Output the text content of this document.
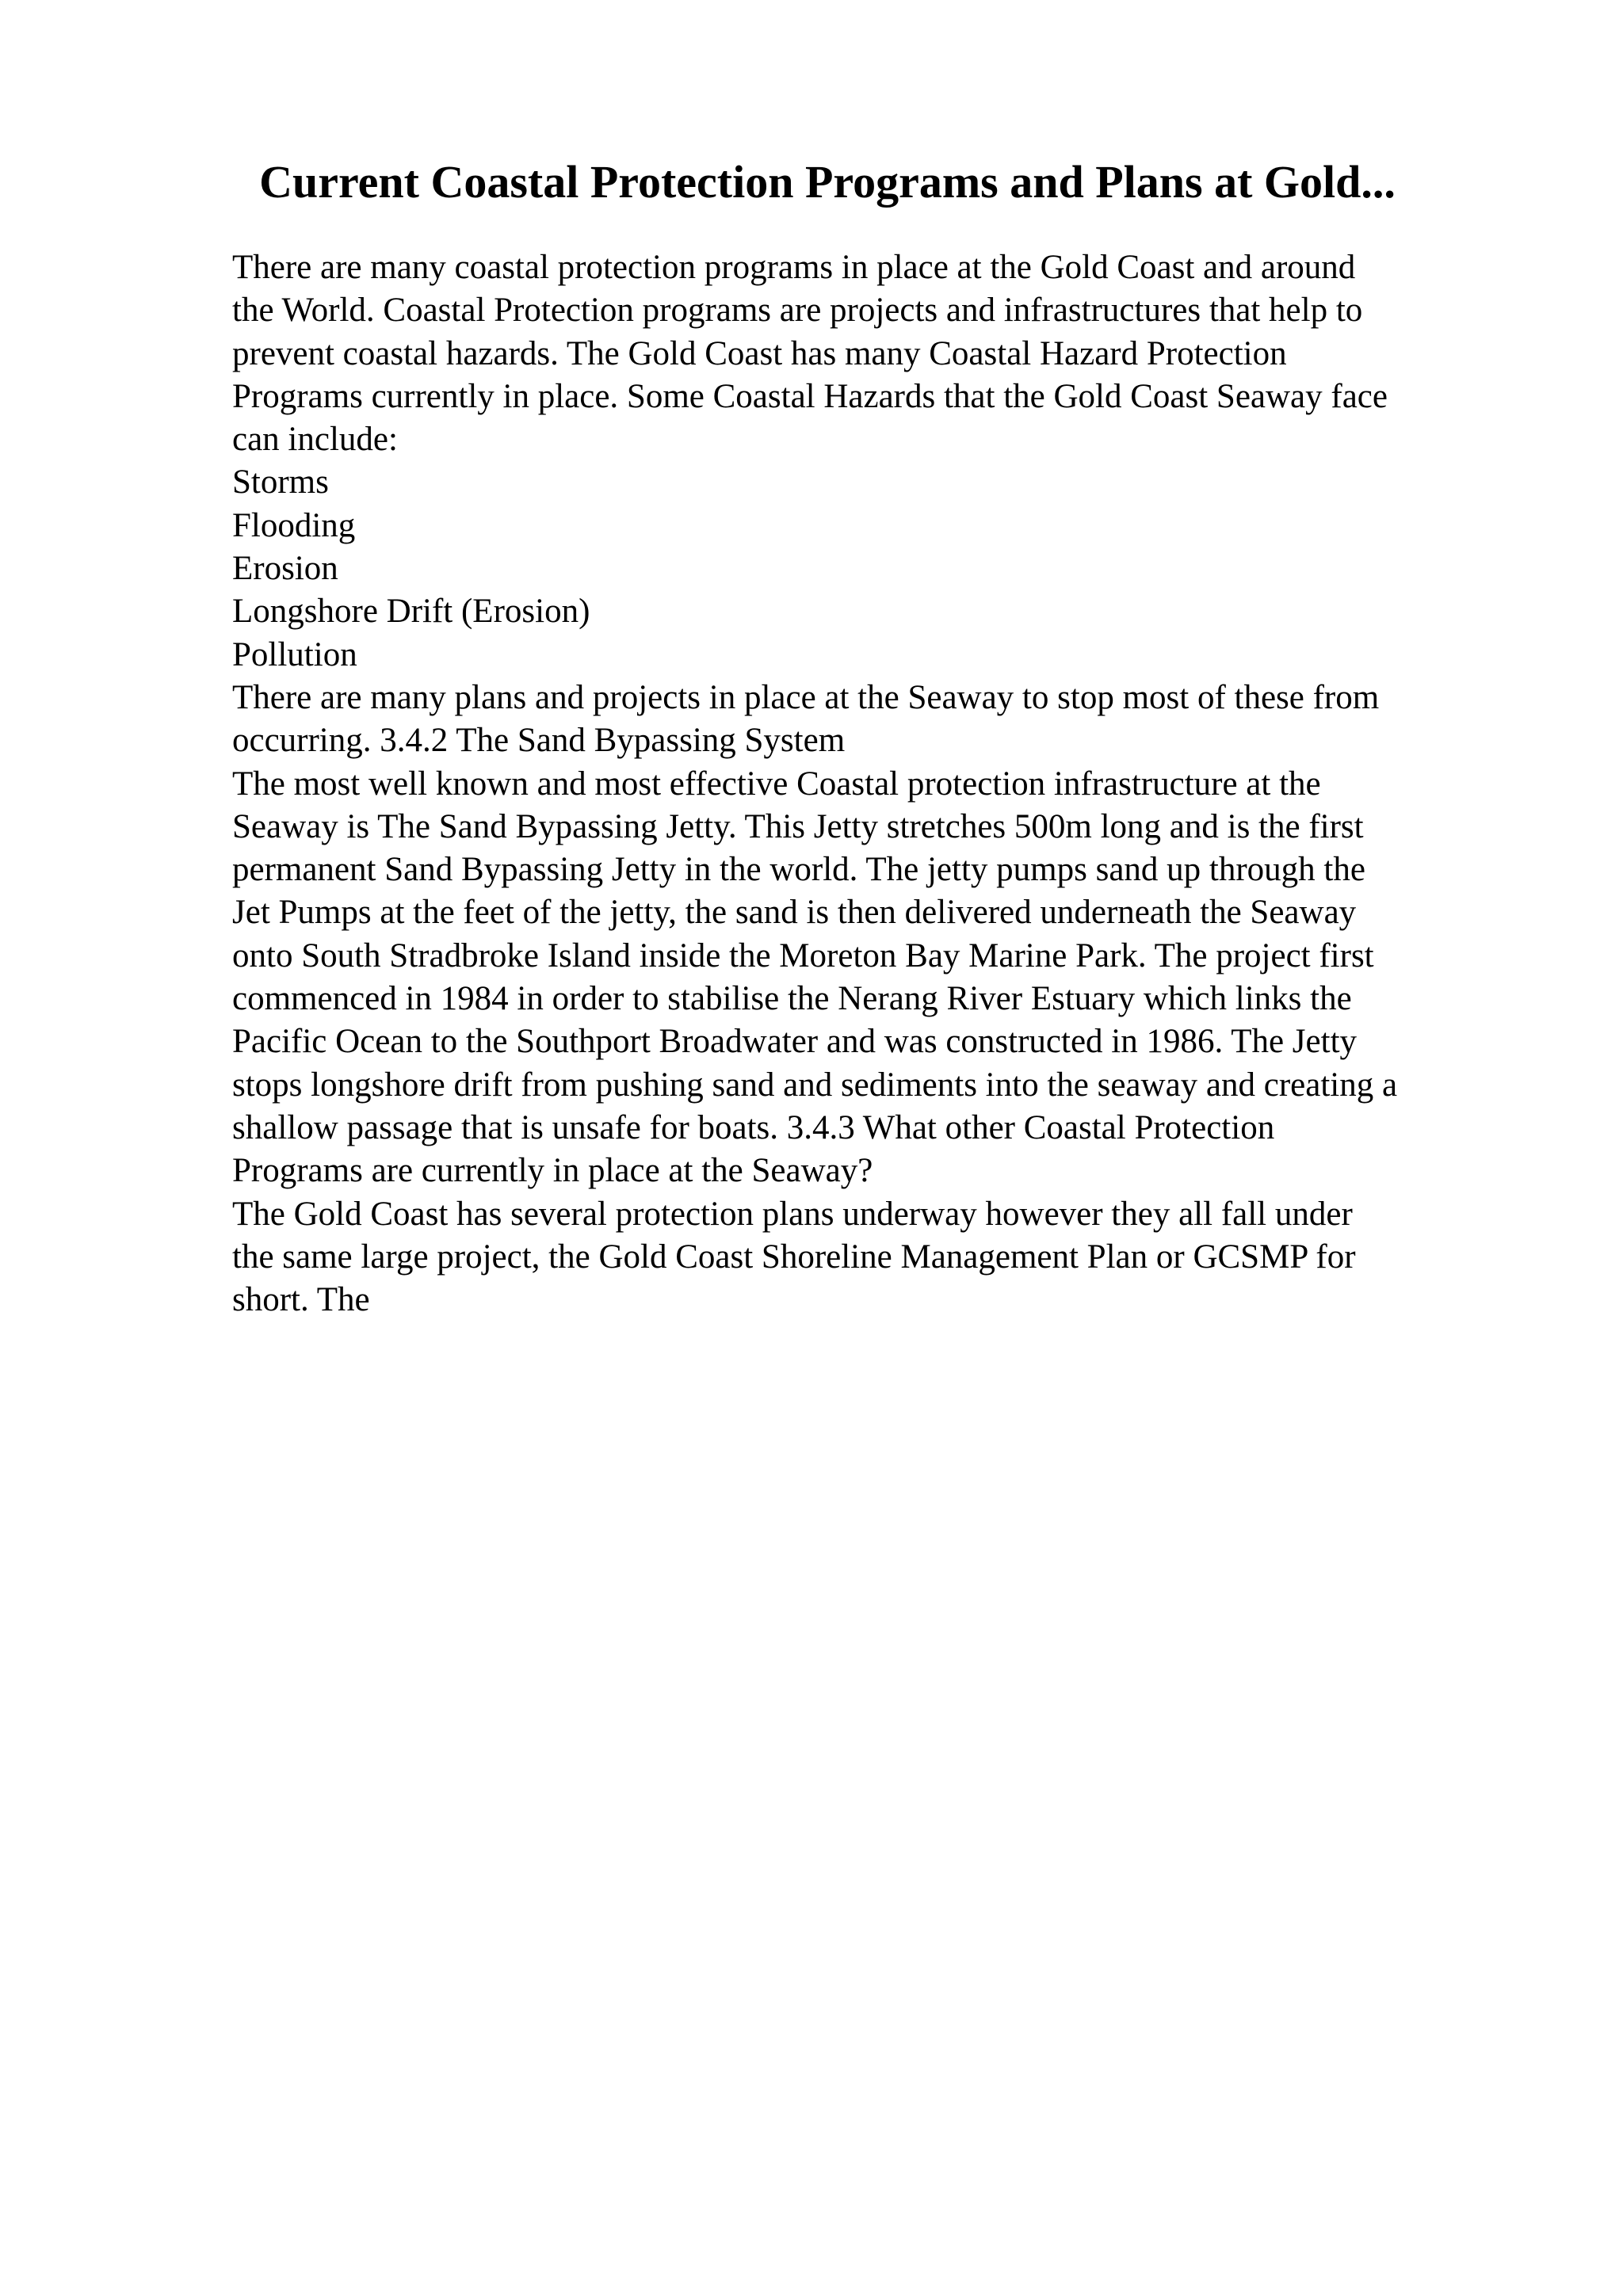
Current Coastal Protection Programs and Plans at Gold...
There are many coastal protection programs in place at the Gold Coast and around
the World. Coastal Protection programs are projects and infrastructures that help to
prevent coastal hazards. The Gold Coast has many Coastal Hazard Protection
Programs currently in place. Some Coastal Hazards that the Gold Coast Seaway face
can include:
Storms
Flooding
Erosion
Longshore Drift (Erosion)
Pollution
There are many plans and projects in place at the Seaway to stop most of these from
occurring. 3.4.2 The Sand Bypassing System
The most well known and most effective Coastal protection infrastructure at the
Seaway is The Sand Bypassing Jetty. This Jetty stretches 500m long and is the first
permanent Sand Bypassing Jetty in the world. The jetty pumps sand up through the
Jet Pumps at the feet of the jetty, the sand is then delivered underneath the Seaway
onto South Stradbroke Island inside the Moreton Bay Marine Park. The project first
commenced in 1984 in order to stabilise the Nerang River Estuary which links the
Pacific Ocean to the Southport Broadwater and was constructed in 1986. The Jetty
stops longshore drift from pushing sand and sediments into the seaway and creating a
shallow passage that is unsafe for boats. 3.4.3 What other Coastal Protection
Programs are currently in place at the Seaway?
The Gold Coast has several protection plans underway however they all fall under
the same large project, the Gold Coast Shoreline Management Plan or GCSMP for
short. The
